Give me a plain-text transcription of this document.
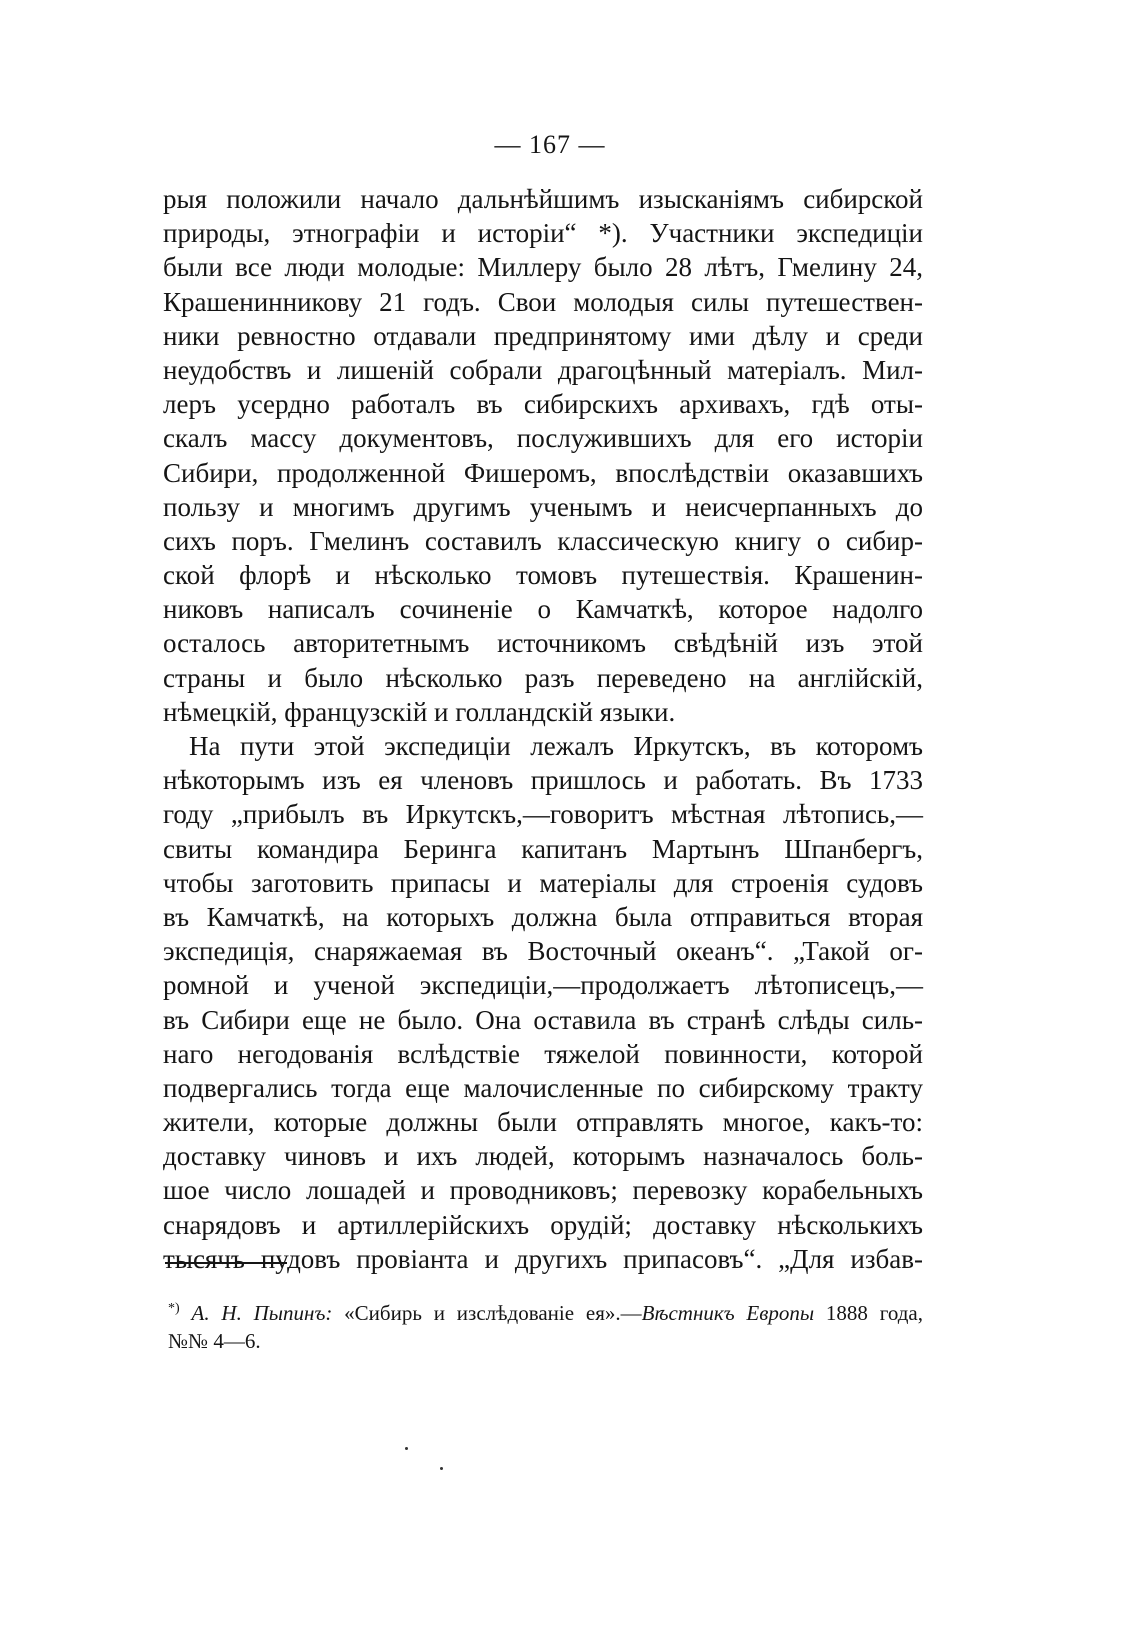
— 167 —
рыя положили начало дальнѣйшимъ изысканіямъ сибирской
природы, этнографіи и исторіи“ *). Участники экспедиціи
были все люди молодые: Миллеру было 28 лѣтъ, Гмелину 24,
Крашенинникову 21 годъ. Свои молодыя силы путешествен-
ники ревностно отдавали предпринятому ими дѣлу и среди
неудобствъ и лишеній собрали драгоцѣнный матеріалъ. Мил-
леръ усердно работалъ въ сибирскихъ архивахъ, гдѣ оты-
скалъ массу документовъ, послужившихъ для его исторіи
Сибири, продолженной Фишеромъ, впослѣдствіи оказавшихъ
пользу и многимъ другимъ ученымъ и неисчерпанныхъ до
сихъ поръ. Гмелинъ составилъ классическую книгу о сибир-
ской флорѣ и нѣсколько томовъ путешествія. Крашенин-
никовъ написалъ сочиненіе о Камчаткѣ, которое надолго
осталось авторитетнымъ источникомъ свѣдѣній изъ этой
страны и было нѣсколько разъ переведено на англійскій,
нѣмецкій, французскій и голландскій языки.
На пути этой экспедиціи лежалъ Иркутскъ, въ которомъ
нѣкоторымъ изъ ея членовъ пришлось и работать. Въ 1733
году „прибылъ въ Иркутскъ,—говоритъ мѣстная лѣтопись,—
свиты командира Беринга капитанъ Мартынъ Шпанбергъ,
чтобы заготовить припасы и матеріалы для строенія судовъ
въ Камчаткѣ, на которыхъ должна была отправиться вторая
экспедиція, снаряжаемая въ Восточный океанъ“. „Такой ог-
ромной и ученой экспедиціи,—продолжаетъ лѣтописецъ,—
въ Сибири еще не было. Она оставила въ странѣ слѣды силь-
наго негодованія вслѣдствіе тяжелой повинности, которой
подвергались тогда еще малочисленные по сибирскому тракту
жители, которые должны были отправлять многое, какъ-то:
доставку чиновъ и ихъ людей, которымъ назначалось боль-
шое число лошадей и проводниковъ; перевозку корабельныхъ
снарядовъ и артиллерійскихъ орудій; доставку нѣсколькихъ
тысячъ пудовъ провіанта и другихъ припасовъ“. „Для избав-
*) А. Н. Пыпинъ: «Сибирь и изслѣдованіе ея».—Вѣстникъ Европы 1888 года,
№№ 4—6.
